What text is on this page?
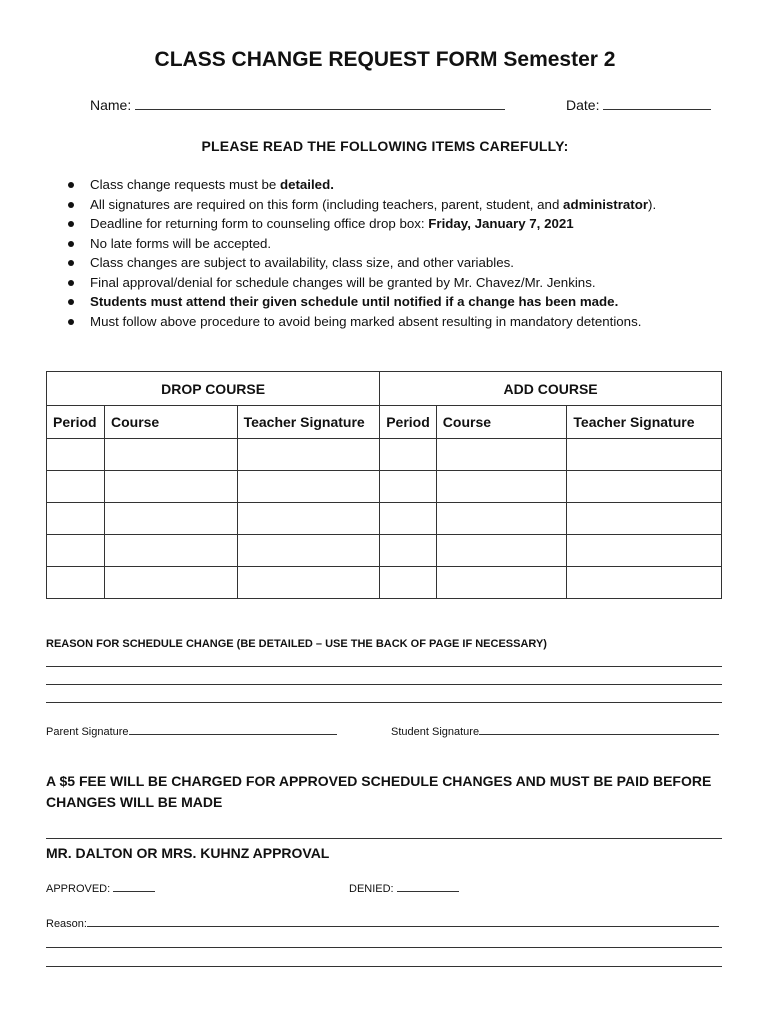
CLASS CHANGE REQUEST FORM Semester 2
Name:	Date:
PLEASE READ THE FOLLOWING ITEMS CAREFULLY:
Class change requests must be detailed.
All signatures are required on this form (including teachers, parent, student, and administrator).
Deadline for returning form to counseling office drop box: Friday, January 7, 2021
No late forms will be accepted.
Class changes are subject to availability, class size, and other variables.
Final approval/denial for schedule changes will be granted by Mr. Chavez/Mr. Jenkins.
Students must attend their given schedule until notified if a change has been made.
Must follow above procedure to avoid being marked absent resulting in mandatory detentions.
DROP COURSE			ADD COURSE		
Period	Course	Teacher Signature	Period	Course	Teacher Signature

REASON FOR SCHEDULE CHANGE (BE DETAILED – USE THE BACK OF PAGE IF NECESSARY)
Parent Signature	Student Signature
A $5 FEE WILL BE CHARGED FOR APPROVED SCHEDULE CHANGES AND MUST BE PAID BEFORE CHANGES WILL BE MADE
MR. DALTON OR MRS. KUHNZ APPROVAL
APPROVED:	DENIED:
Reason:
